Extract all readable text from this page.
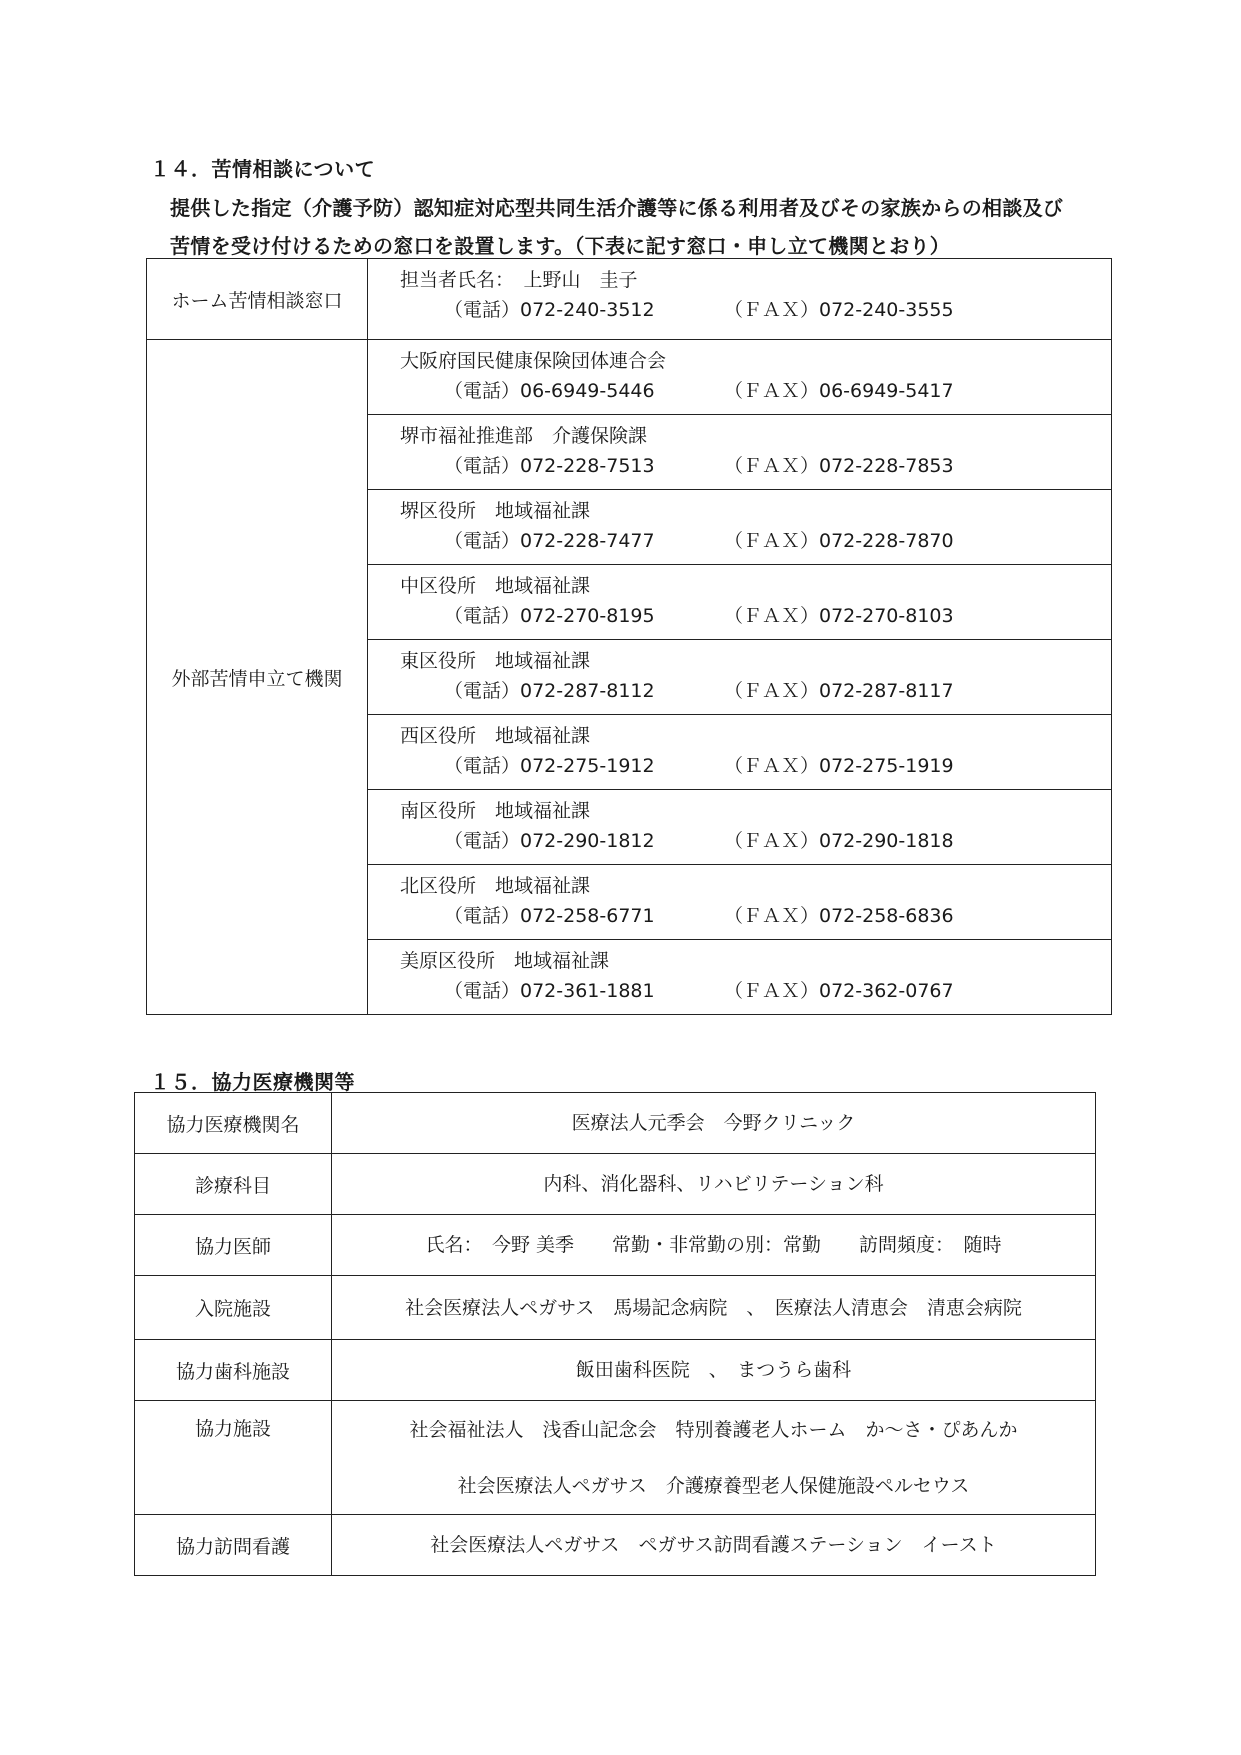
１４．苦情相談について
提供した指定（介護予防）認知症対応型共同生活介護等に係る利用者及びその家族からの相談及び
苦情を受け付けるための窓口を設置します。（下表に記す窓口・申し立て機関とおり）
ホーム苦情相談窓口	担当者氏名：　上野山　圭子
（電話）072-240-3512 （ＦＡＸ）072-240-3555

外部苦情申立て機関	大阪府国民健康保険団体連合会
（電話）06-6949-5446 （ＦＡＸ）06-6949-5417

	堺市福祉推進部　介護保険課
（電話）072-228-7513 （ＦＡＸ）072-228-7853

	堺区役所　地域福祉課
（電話）072-228-7477 （ＦＡＸ）072-228-7870

	中区役所　地域福祉課
（電話）072-270-8195 （ＦＡＸ）072-270-8103

	東区役所　地域福祉課
（電話）072-287-8112 （ＦＡＸ）072-287-8117

	西区役所　地域福祉課
（電話）072-275-1912 （ＦＡＸ）072-275-1919

	南区役所　地域福祉課
（電話）072-290-1812 （ＦＡＸ）072-290-1818

	北区役所　地域福祉課
（電話）072-258-6771 （ＦＡＸ）072-258-6836

	美原区役所　地域福祉課
（電話）072-361-1881 （ＦＡＸ）072-362-0767
１５．協力医療機関等
協力医療機関名	医療法人元季会　今野クリニック
診療科目	内科、消化器科、リハビリテーション科
協力医師	氏名：　今野 美季　　常勤・非常勤の別：常勤　　訪問頻度：　随時
入院施設	社会医療法人ペガサス　馬場記念病院　、　医療法人清恵会　清恵会病院
協力歯科施設	飯田歯科医院　、　まつうら歯科
協力施設	社会福祉法人　浅香山記念会　特別養護老人ホーム　か～さ・ぴあんか
社会医療法人ペガサス　介護療養型老人保健施設ペルセウス

協力訪問看護	社会医療法人ペガサス　ペガサス訪問看護ステーション　イースト
